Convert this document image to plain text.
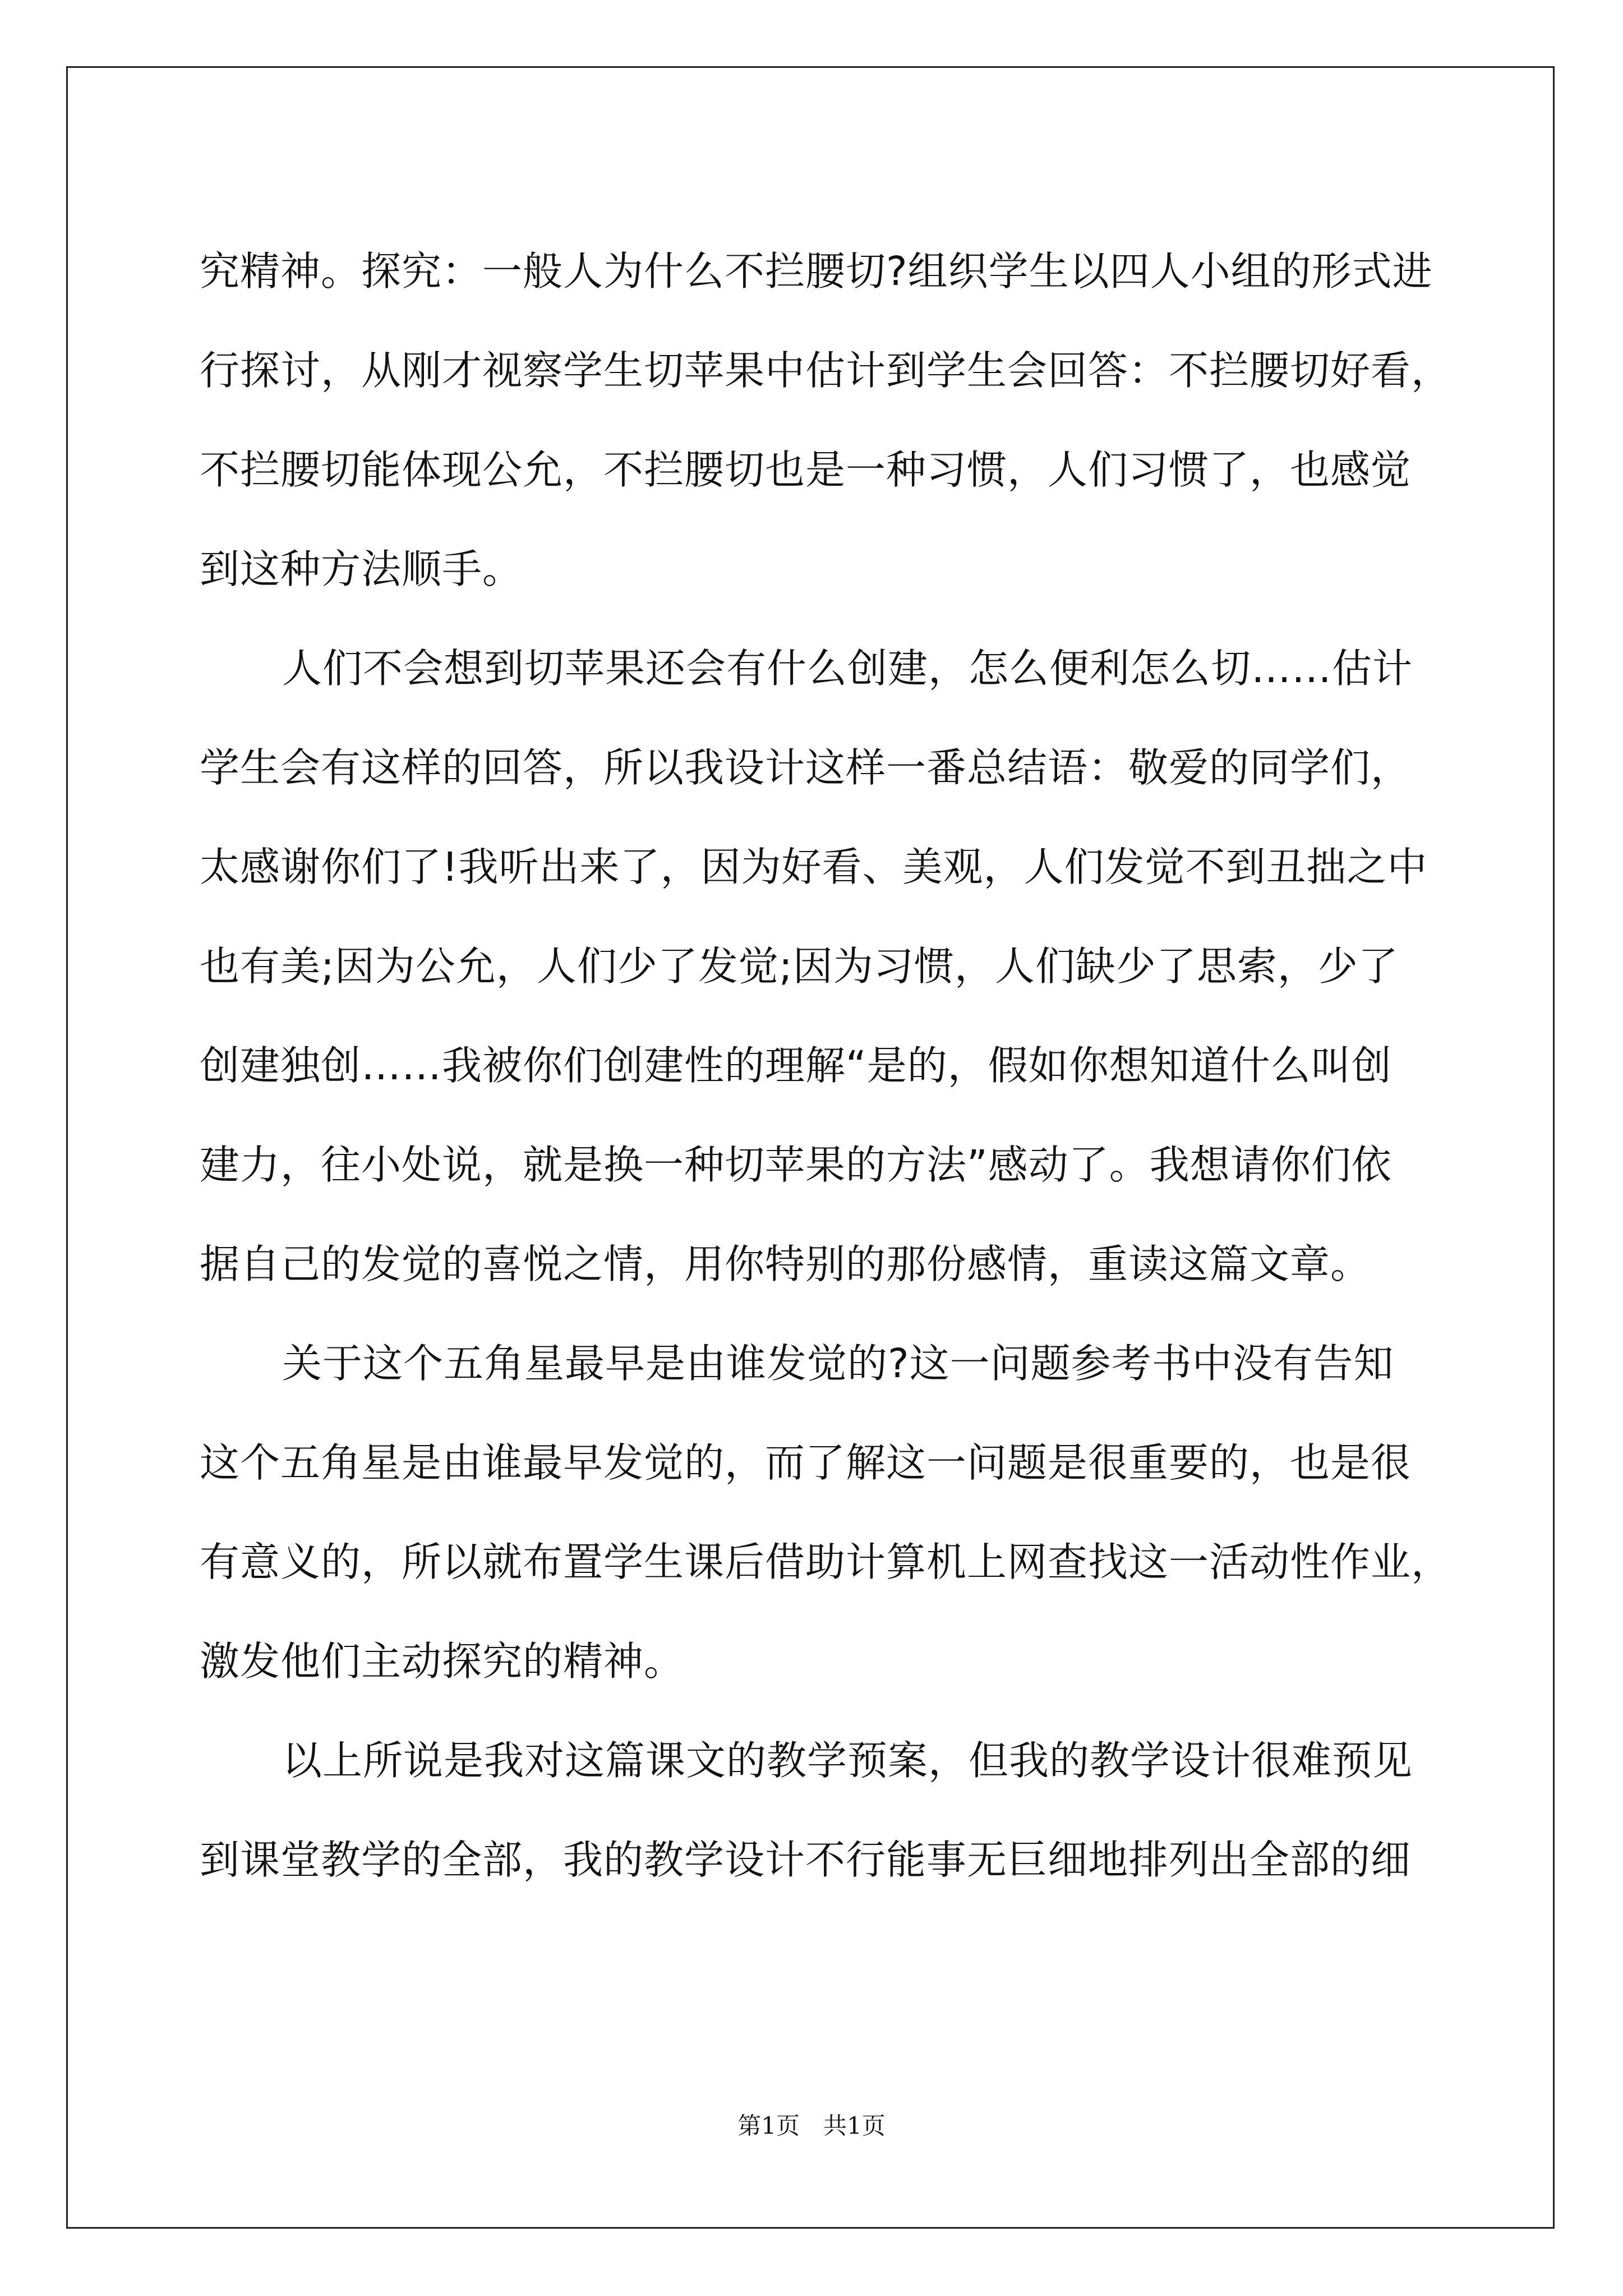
究精神。探究：一般人为什么不拦腰切?组织学生以四人小组的形式进
行探讨，从刚才视察学生切苹果中估计到学生会回答：不拦腰切好看，
不拦腰切能体现公允，不拦腰切也是一种习惯，人们习惯了，也感觉
到这种方法顺手。
人们不会想到切苹果还会有什么创建，怎么便利怎么切……估计
学生会有这样的回答，所以我设计这样一番总结语：敬爱的同学们，
太感谢你们了!我听出来了，因为好看、美观，人们发觉不到丑拙之中
也有美;因为公允，人们少了发觉;因为习惯，人们缺少了思索，少了
创建独创……我被你们创建性的理解“是的，假如你想知道什么叫创
建力，往小处说，就是换一种切苹果的方法”感动了。我想请你们依
据自己的发觉的喜悦之情，用你特别的那份感情，重读这篇文章。
关于这个五角星最早是由谁发觉的?这一问题参考书中没有告知
这个五角星是由谁最早发觉的，而了解这一问题是很重要的，也是很
有意义的，所以就布置学生课后借助计算机上网查找这一活动性作业，
激发他们主动探究的精神。
以上所说是我对这篇课文的教学预案，但我的教学设计很难预见
到课堂教学的全部，我的教学设计不行能事无巨细地排列出全部的细
第1页　共1页
